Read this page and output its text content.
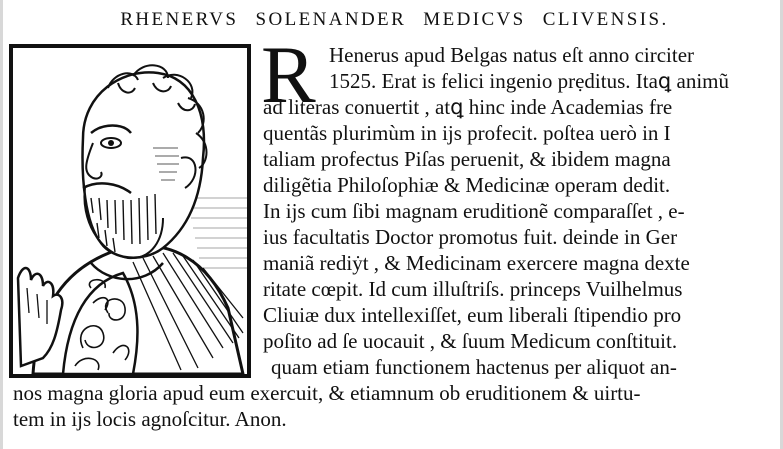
RHENERVS SOLENANDER MEDICVS CLIVENSIS.
R Henerus apud Belgas natus eſt anno circiter
1525. Erat is felici ingenio prẹditus. Itaꝗ animũ
ad literas conuertit , atꝗ hinc inde Academias fre
quentãs plurimùm in ijs profecit. poſtea uerò in I
taliam profectus Piſas peruenit, & ibidem magna
diligẽtia Philoſophiæ & Medicinæ operam dedit.
In ijs cum ſibi magnam eruditionẽ comparaſſet , e-
ius facultatis Doctor promotus fuit. deinde in Ger
maniã rediẏt , & Medicinam exercere magna dexte
ritate cœpit. Id cum illuſtriſs. princeps Vuilhelmus
Cliuiæ dux intellexiſſet, eum liberali ſtipendio pro
poſito ad ſe uocauit , & ſuum Medicum conſtituit.
quam etiam functionem hactenus per aliquot an-
nos magna gloria apud eum exercuit, & etiamnum ob eruditionem & uirtu-
tem in ijs locis agnoſcitur. Anon.
